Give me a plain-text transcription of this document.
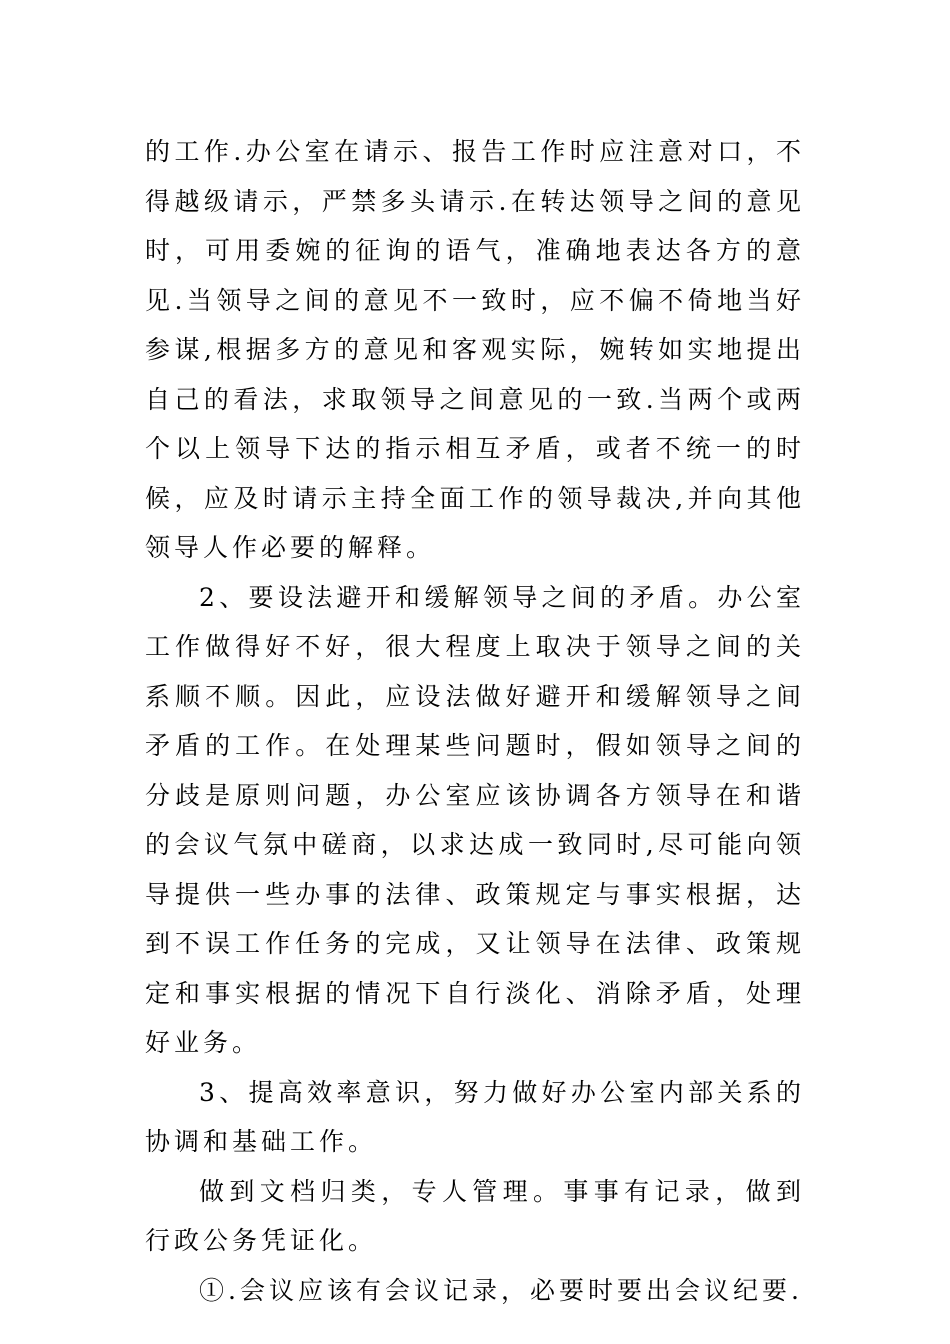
的工作.办公室在请示、报告工作时应注意对口，不得越级请示，严禁多头请示.在转达领导之间的意见时，可用委婉的征询的语气，准确地表达各方的意见.当领导之间的意见不一致时，应不偏不倚地当好参谋,根据多方的意见和客观实际，婉转如实地提出自己的看法，求取领导之间意见的一致.当两个或两个以上领导下达的指示相互矛盾，或者不统一的时候，应及时请示主持全面工作的领导裁决,并向其他领导人作必要的解释。

2、要设法避开和缓解领导之间的矛盾。办公室工作做得好不好，很大程度上取决于领导之间的关系顺不顺。因此，应设法做好避开和缓解领导之间矛盾的工作。在处理某些问题时，假如领导之间的分歧是原则问题，办公室应该协调各方领导在和谐的会议气氛中磋商，以求达成一致同时,尽可能向领导提供一些办事的法律、政策规定与事实根据，达到不误工作任务的完成，又让领导在法律、政策规定和事实根据的情况下自行淡化、消除矛盾，处理好业务。

3、提高效率意识，努力做好办公室内部关系的协调和基础工作。

做到文档归类，专人管理。事事有记录，做到行政公务凭证化。

①.会议应该有会议记录，必要时要出会议纪要.
